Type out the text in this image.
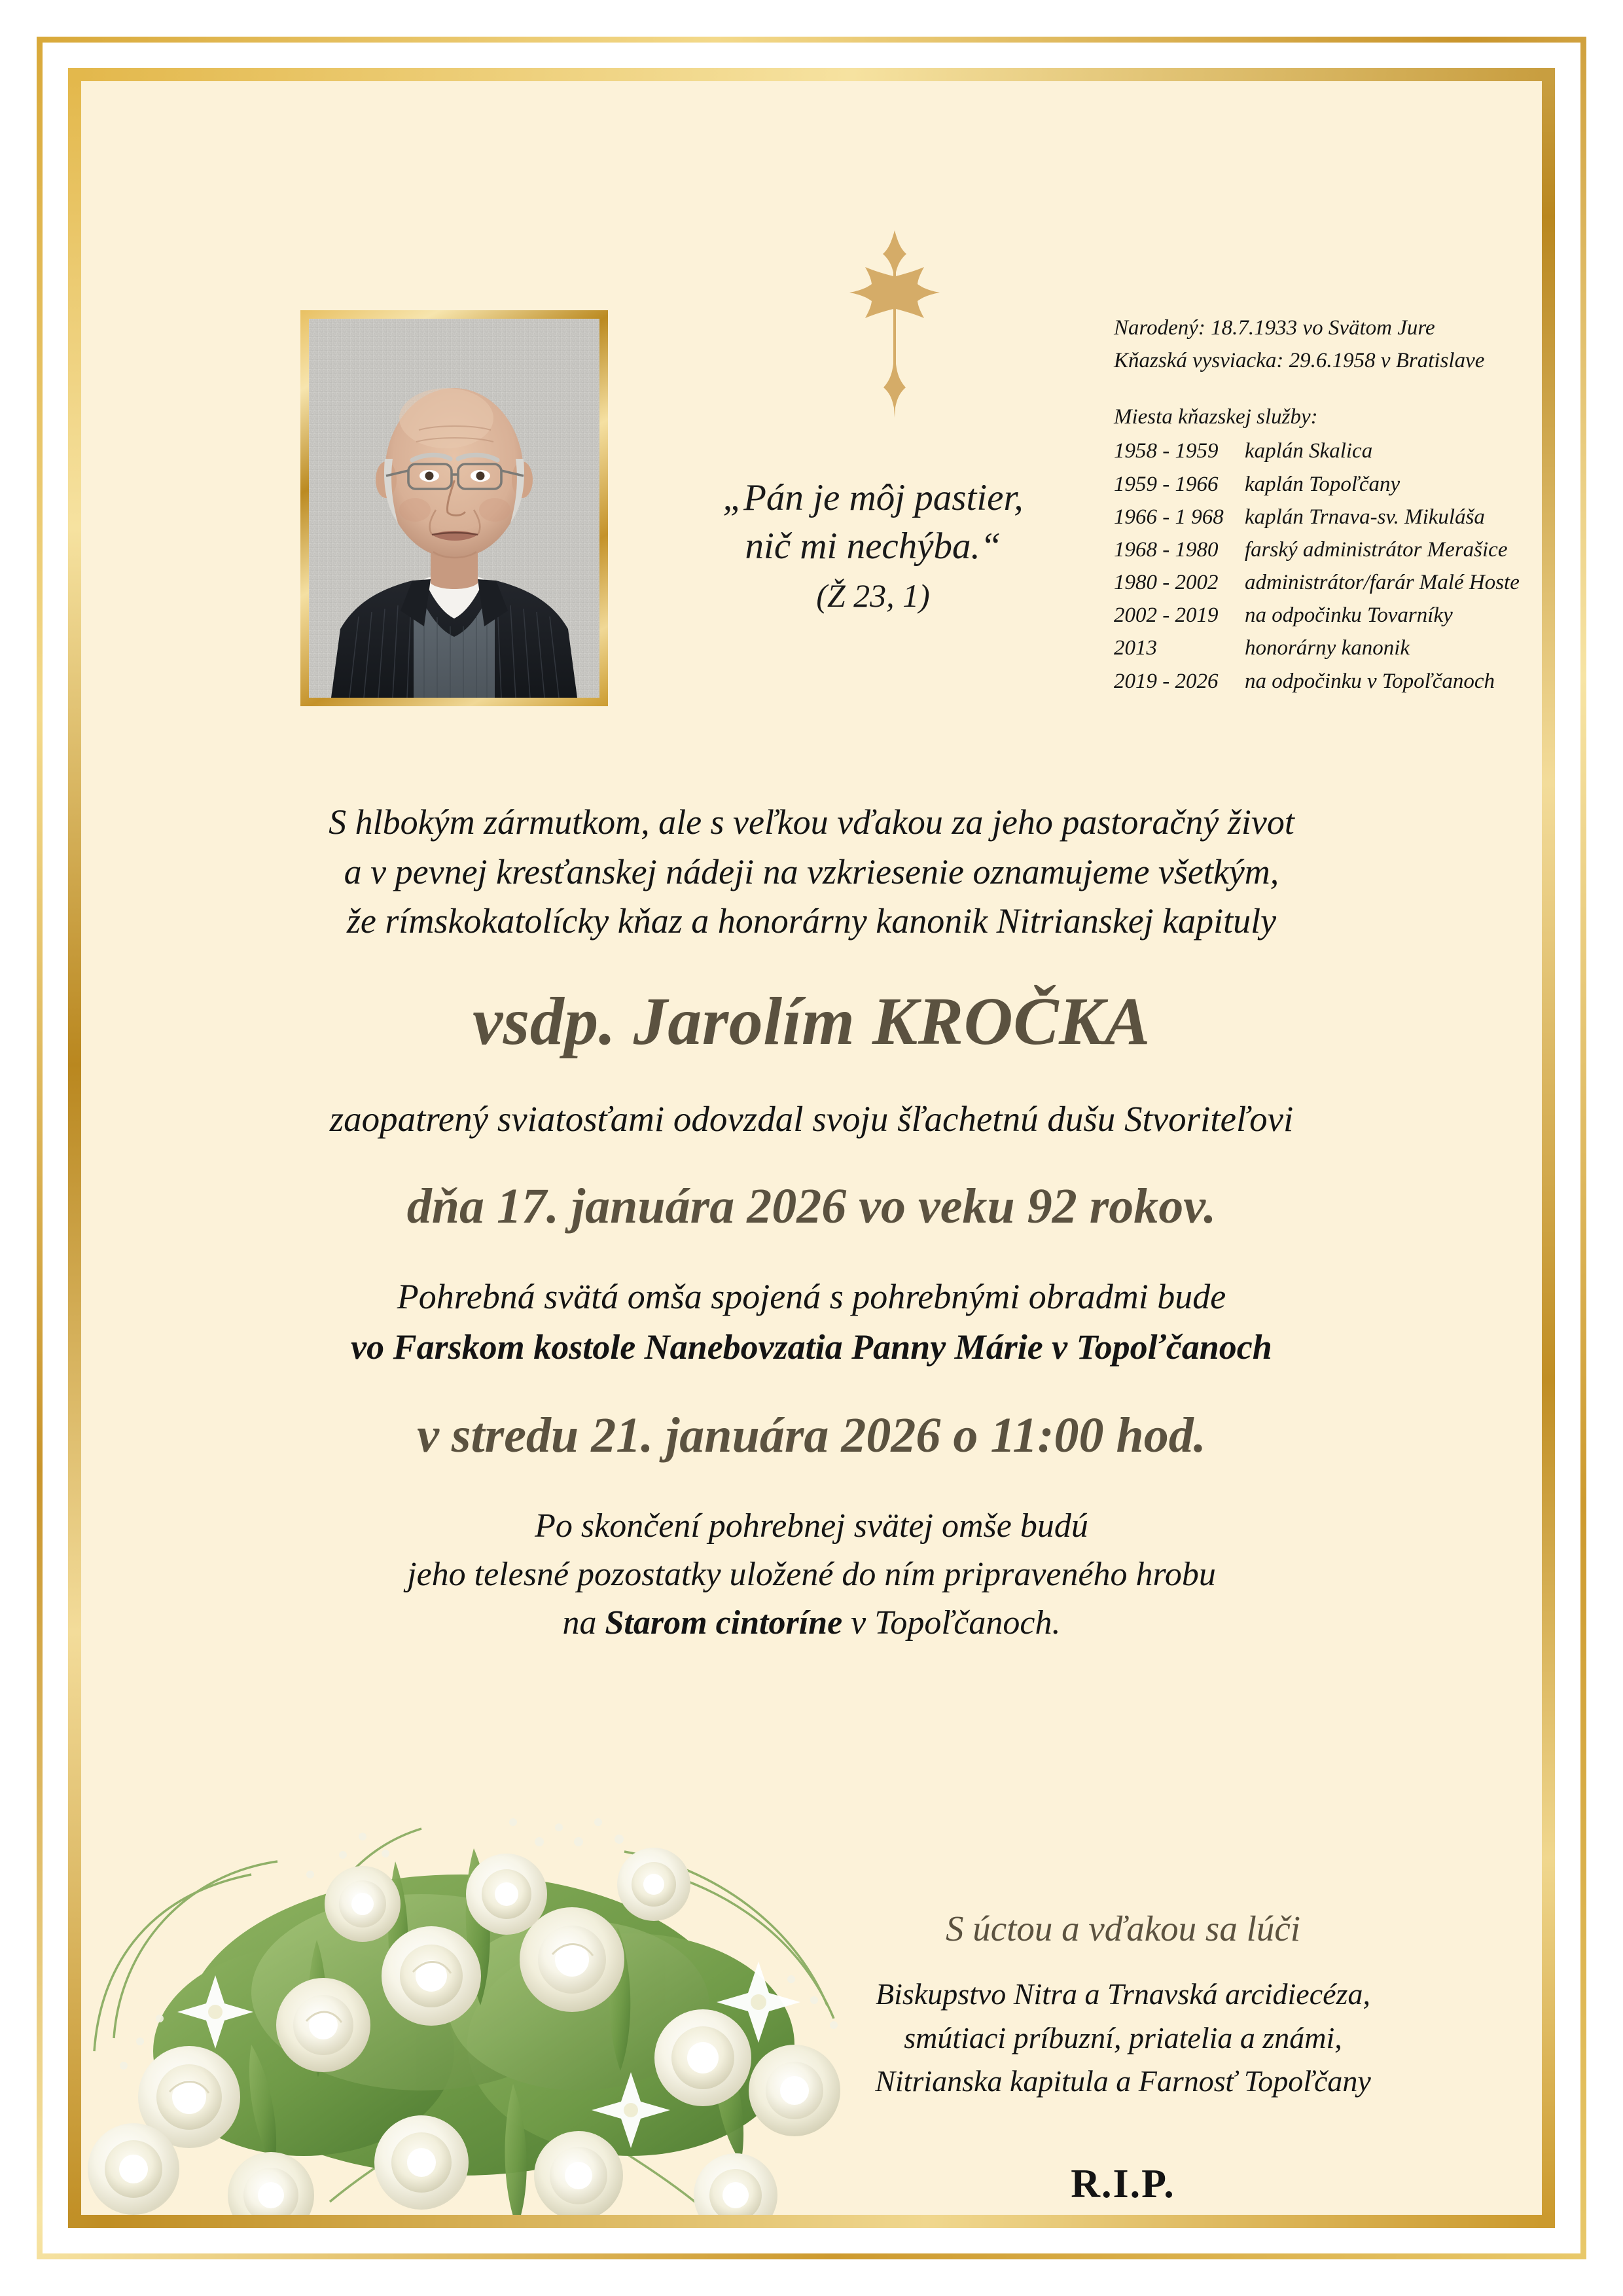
„Pán je môj pastier,
nič mi nechýba.“
(Ž 23, 1)
Narodený: 18.7.1933 vo Svätom Jure
Kňazská vysviacka: 29.6.1958 v Bratislave
Miesta kňazskej služby:
1958 - 1959	kaplán Skalica
1959 - 1966	kaplán Topoľčany
1966 - 1 968 kaplán Trnava-sv. Mikuláša
1968 - 1980	farský administrátor Merašice
1980 - 2002	administrátor/farár Malé Hoste
2002 - 2019	na odpočinku Tovarníky
2013	honorárny kanonik
2019 - 2026	na odpočinku v Topoľčanoch
S hlbokým zármutkom, ale s veľkou vďakou za jeho pastoračný život
a v pevnej kresťanskej nádeji na vzkriesenie oznamujeme všetkým,
že rímskokatolícky kňaz a honorárny kanonik Nitrianskej kapituly
vsdp. Jarolím KROČKA
zaopatrený sviatosťami odovzdal svoju šľachetnú dušu Stvoriteľovi
dňa 17. januára 2026 vo veku 92 rokov.
Pohrebná svätá omša spojená s pohrebnými obradmi bude
vo Farskom kostole Nanebovzatia Panny Márie v Topoľčanoch
v stredu 21. januára 2026 o 11:00 hod.
Po skončení pohrebnej svätej omše budú
jeho telesné pozostatky uložené do ním pripraveného hrobu
na Starom cintoríne v Topoľčanoch.
S úctou a vďakou sa lúči
Biskupstvo Nitra a Trnavská arcidiecéza,
smútiaci príbuzní, priatelia a známi,
Nitrianska kapitula a Farnosť Topoľčany
R.I.P.
